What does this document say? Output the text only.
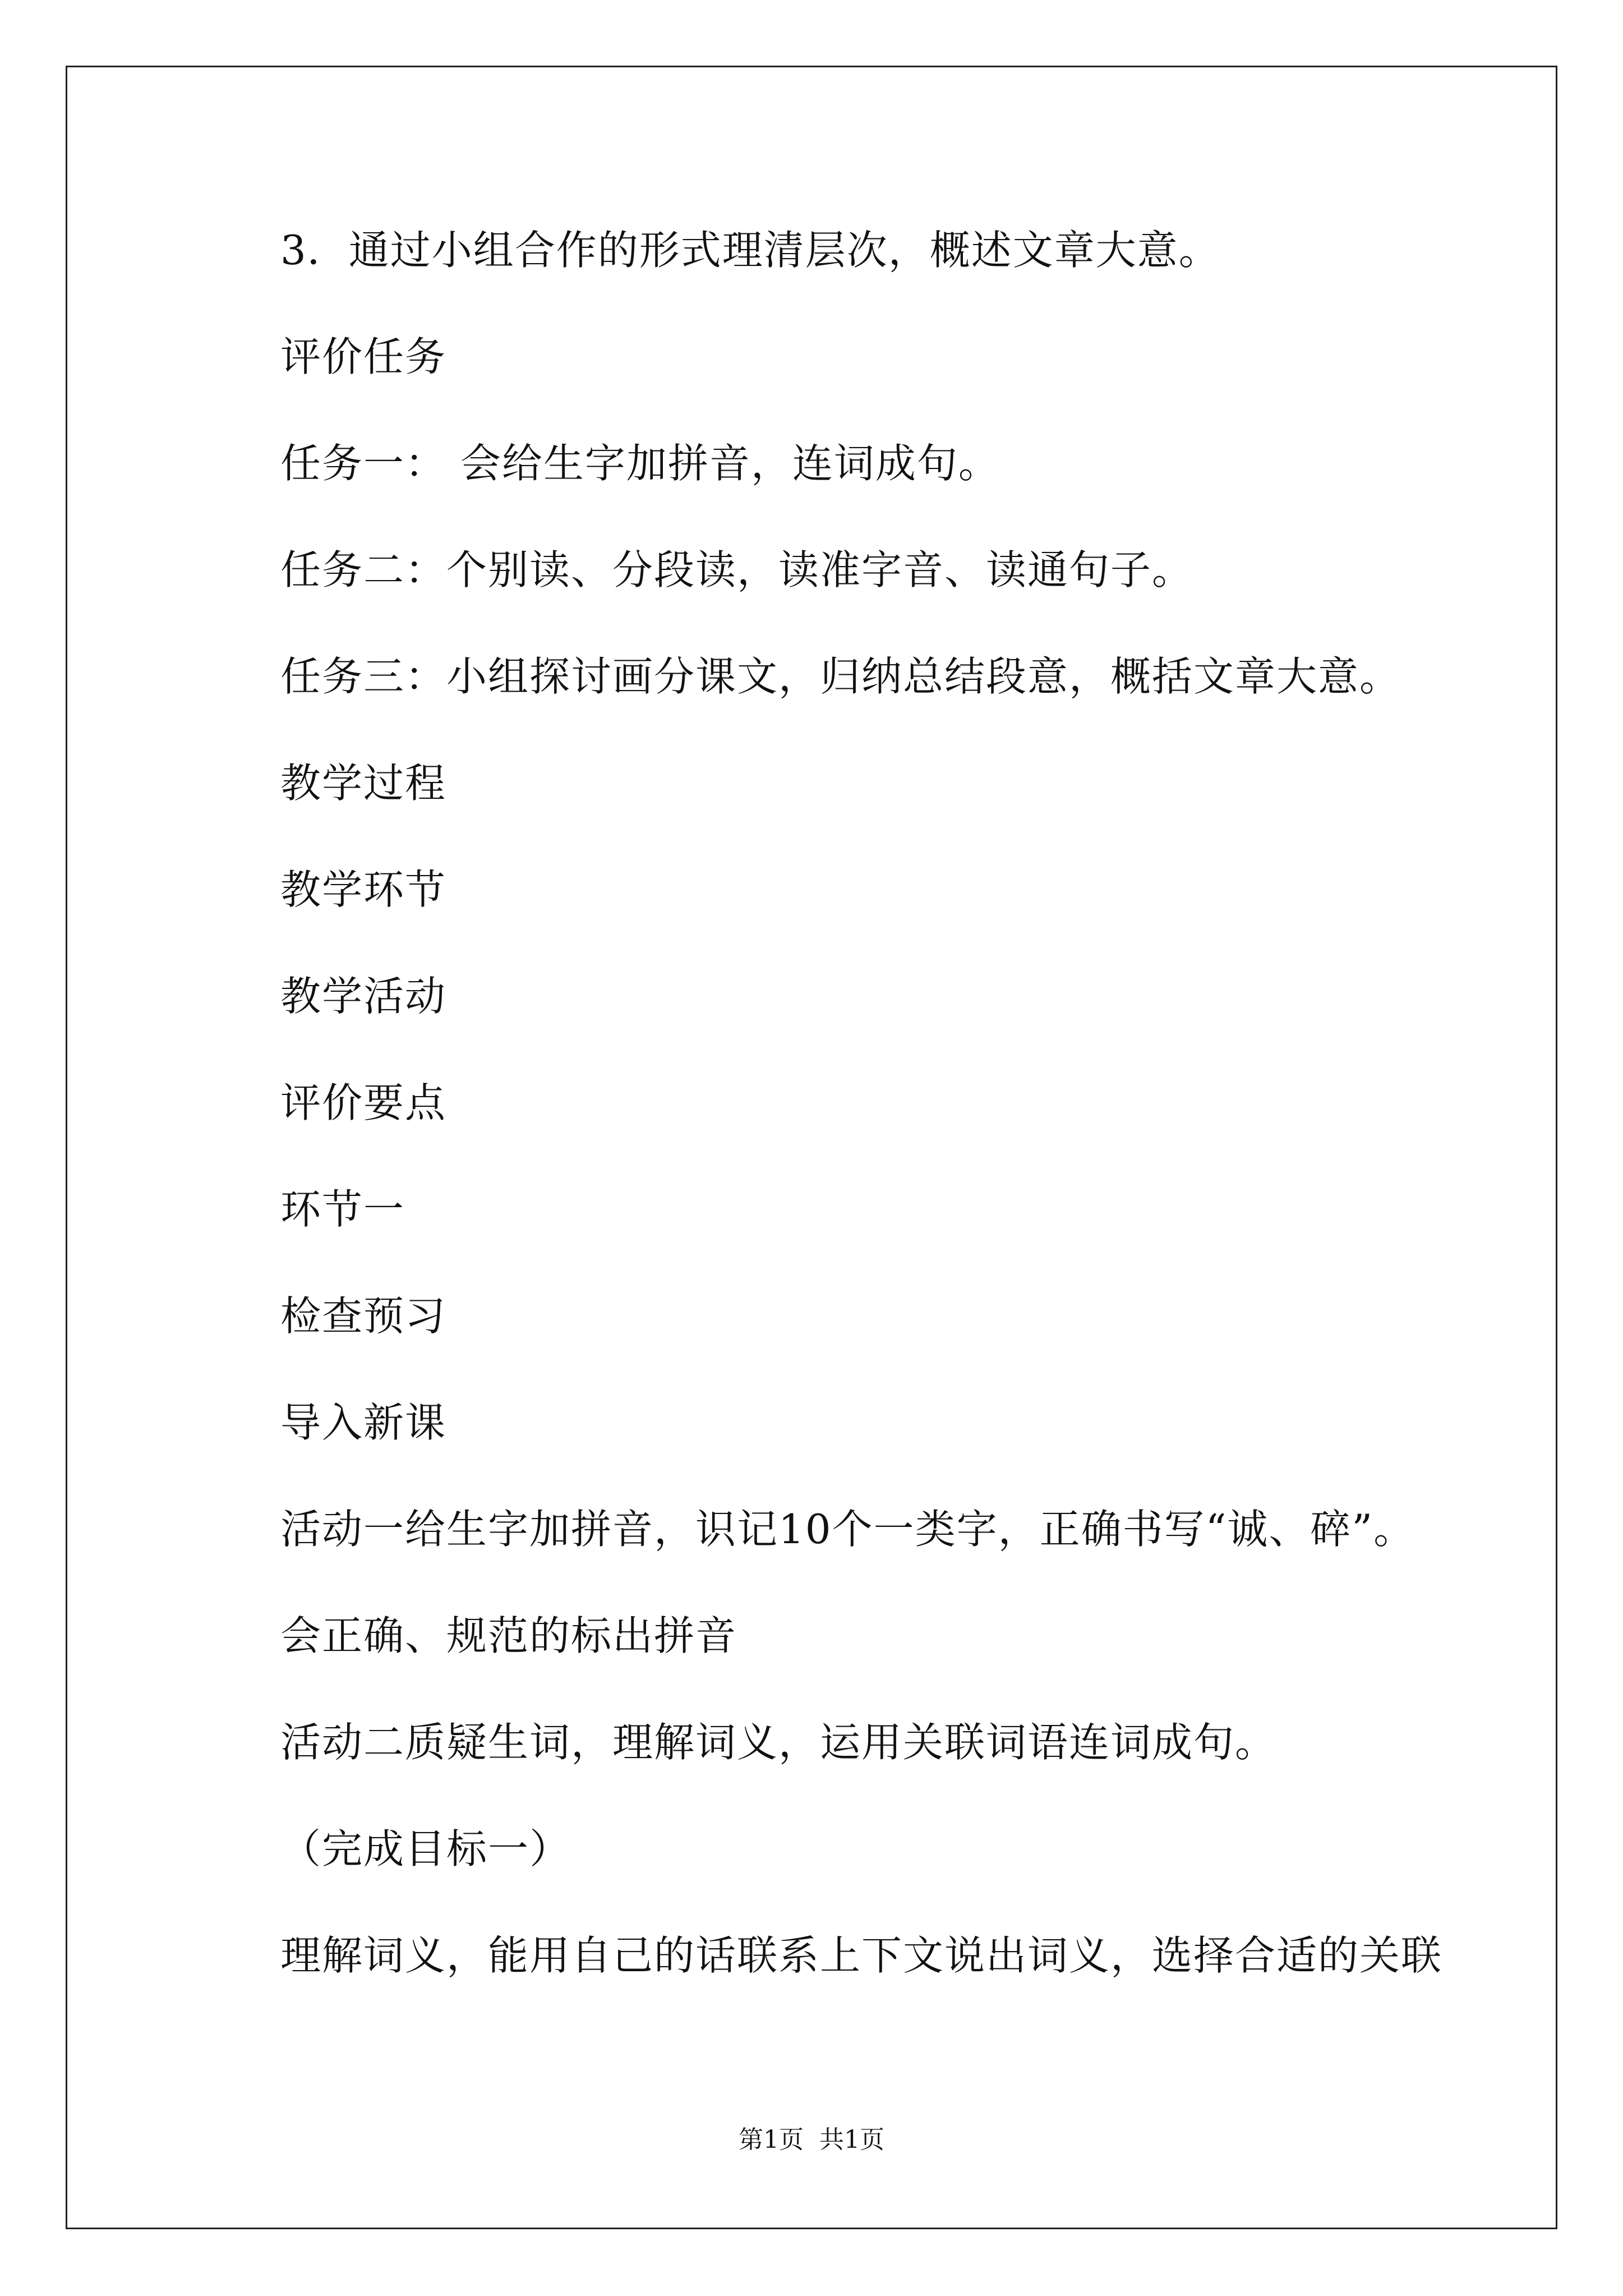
3．通过小组合作的形式理清层次，概述文章大意。
评价任务
任务一： 会给生字加拼音，连词成句。
任务二：个别读、分段读，读准字音、读通句子。
任务三：小组探讨画分课文，归纳总结段意，概括文章大意。
教学过程
教学环节
教学活动
评价要点
环节一
检查预习
导入新课
活动一给生字加拼音，识记10个一类字，正确书写“诚、碎”。
会正确、规范的标出拼音
活动二质疑生词，理解词义，运用关联词语连词成句。
（完成目标一）
理解词义，能用自己的话联系上下文说出词义，选择合适的关联
第1页  共1页
